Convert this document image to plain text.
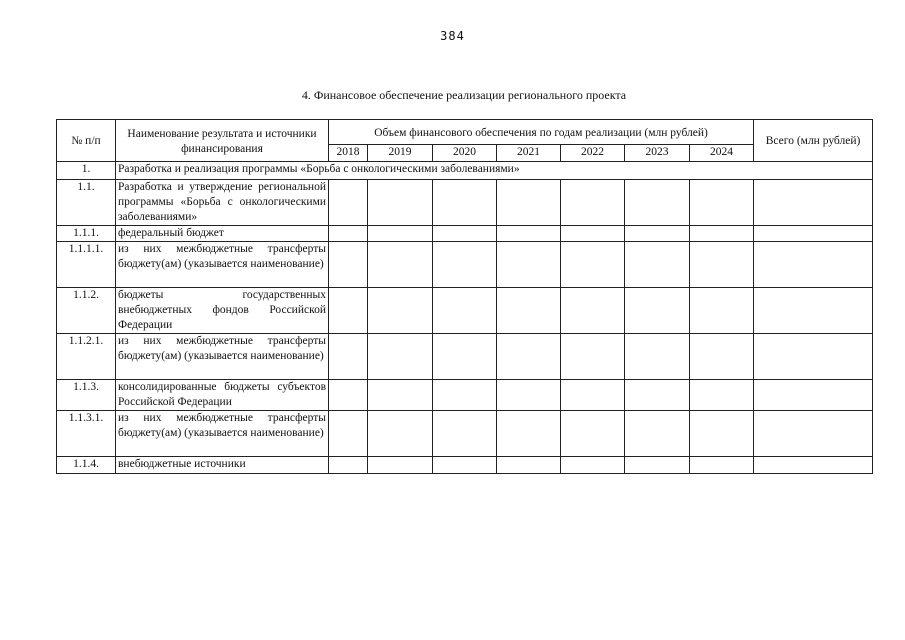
384
4. Финансовое обеспечение реализации регионального проекта
№ п/п	Наименование результата и источники финансирования	Объем финансового обеспечения по годам реализации (млн рублей)							Всего (млн рублей)
		2018	2019	2020	2021	2022	2023	2024	
1.	Разработка и реализация программы «Борьба с онкологическими заболеваниями»								
1.1.	Разработка и утверждение региональной программы «Борьба с онкологическими заболеваниями»								
1.1.1.	федеральный бюджет								
1.1.1.1.	из них межбюджетные трансферты бюджету(ам) (указывается наименование)								
1.1.2.	бюджеты государственных внебюджетных фондов Российской Федерации								
1.1.2.1.	из них межбюджетные трансферты бюджету(ам) (указывается наименование)								
1.1.3.	консолидированные бюджеты субъектов Российской Федерации								
1.1.3.1.	из них межбюджетные трансферты бюджету(ам) (указывается наименование)								
1.1.4.	внебюджетные источники								
